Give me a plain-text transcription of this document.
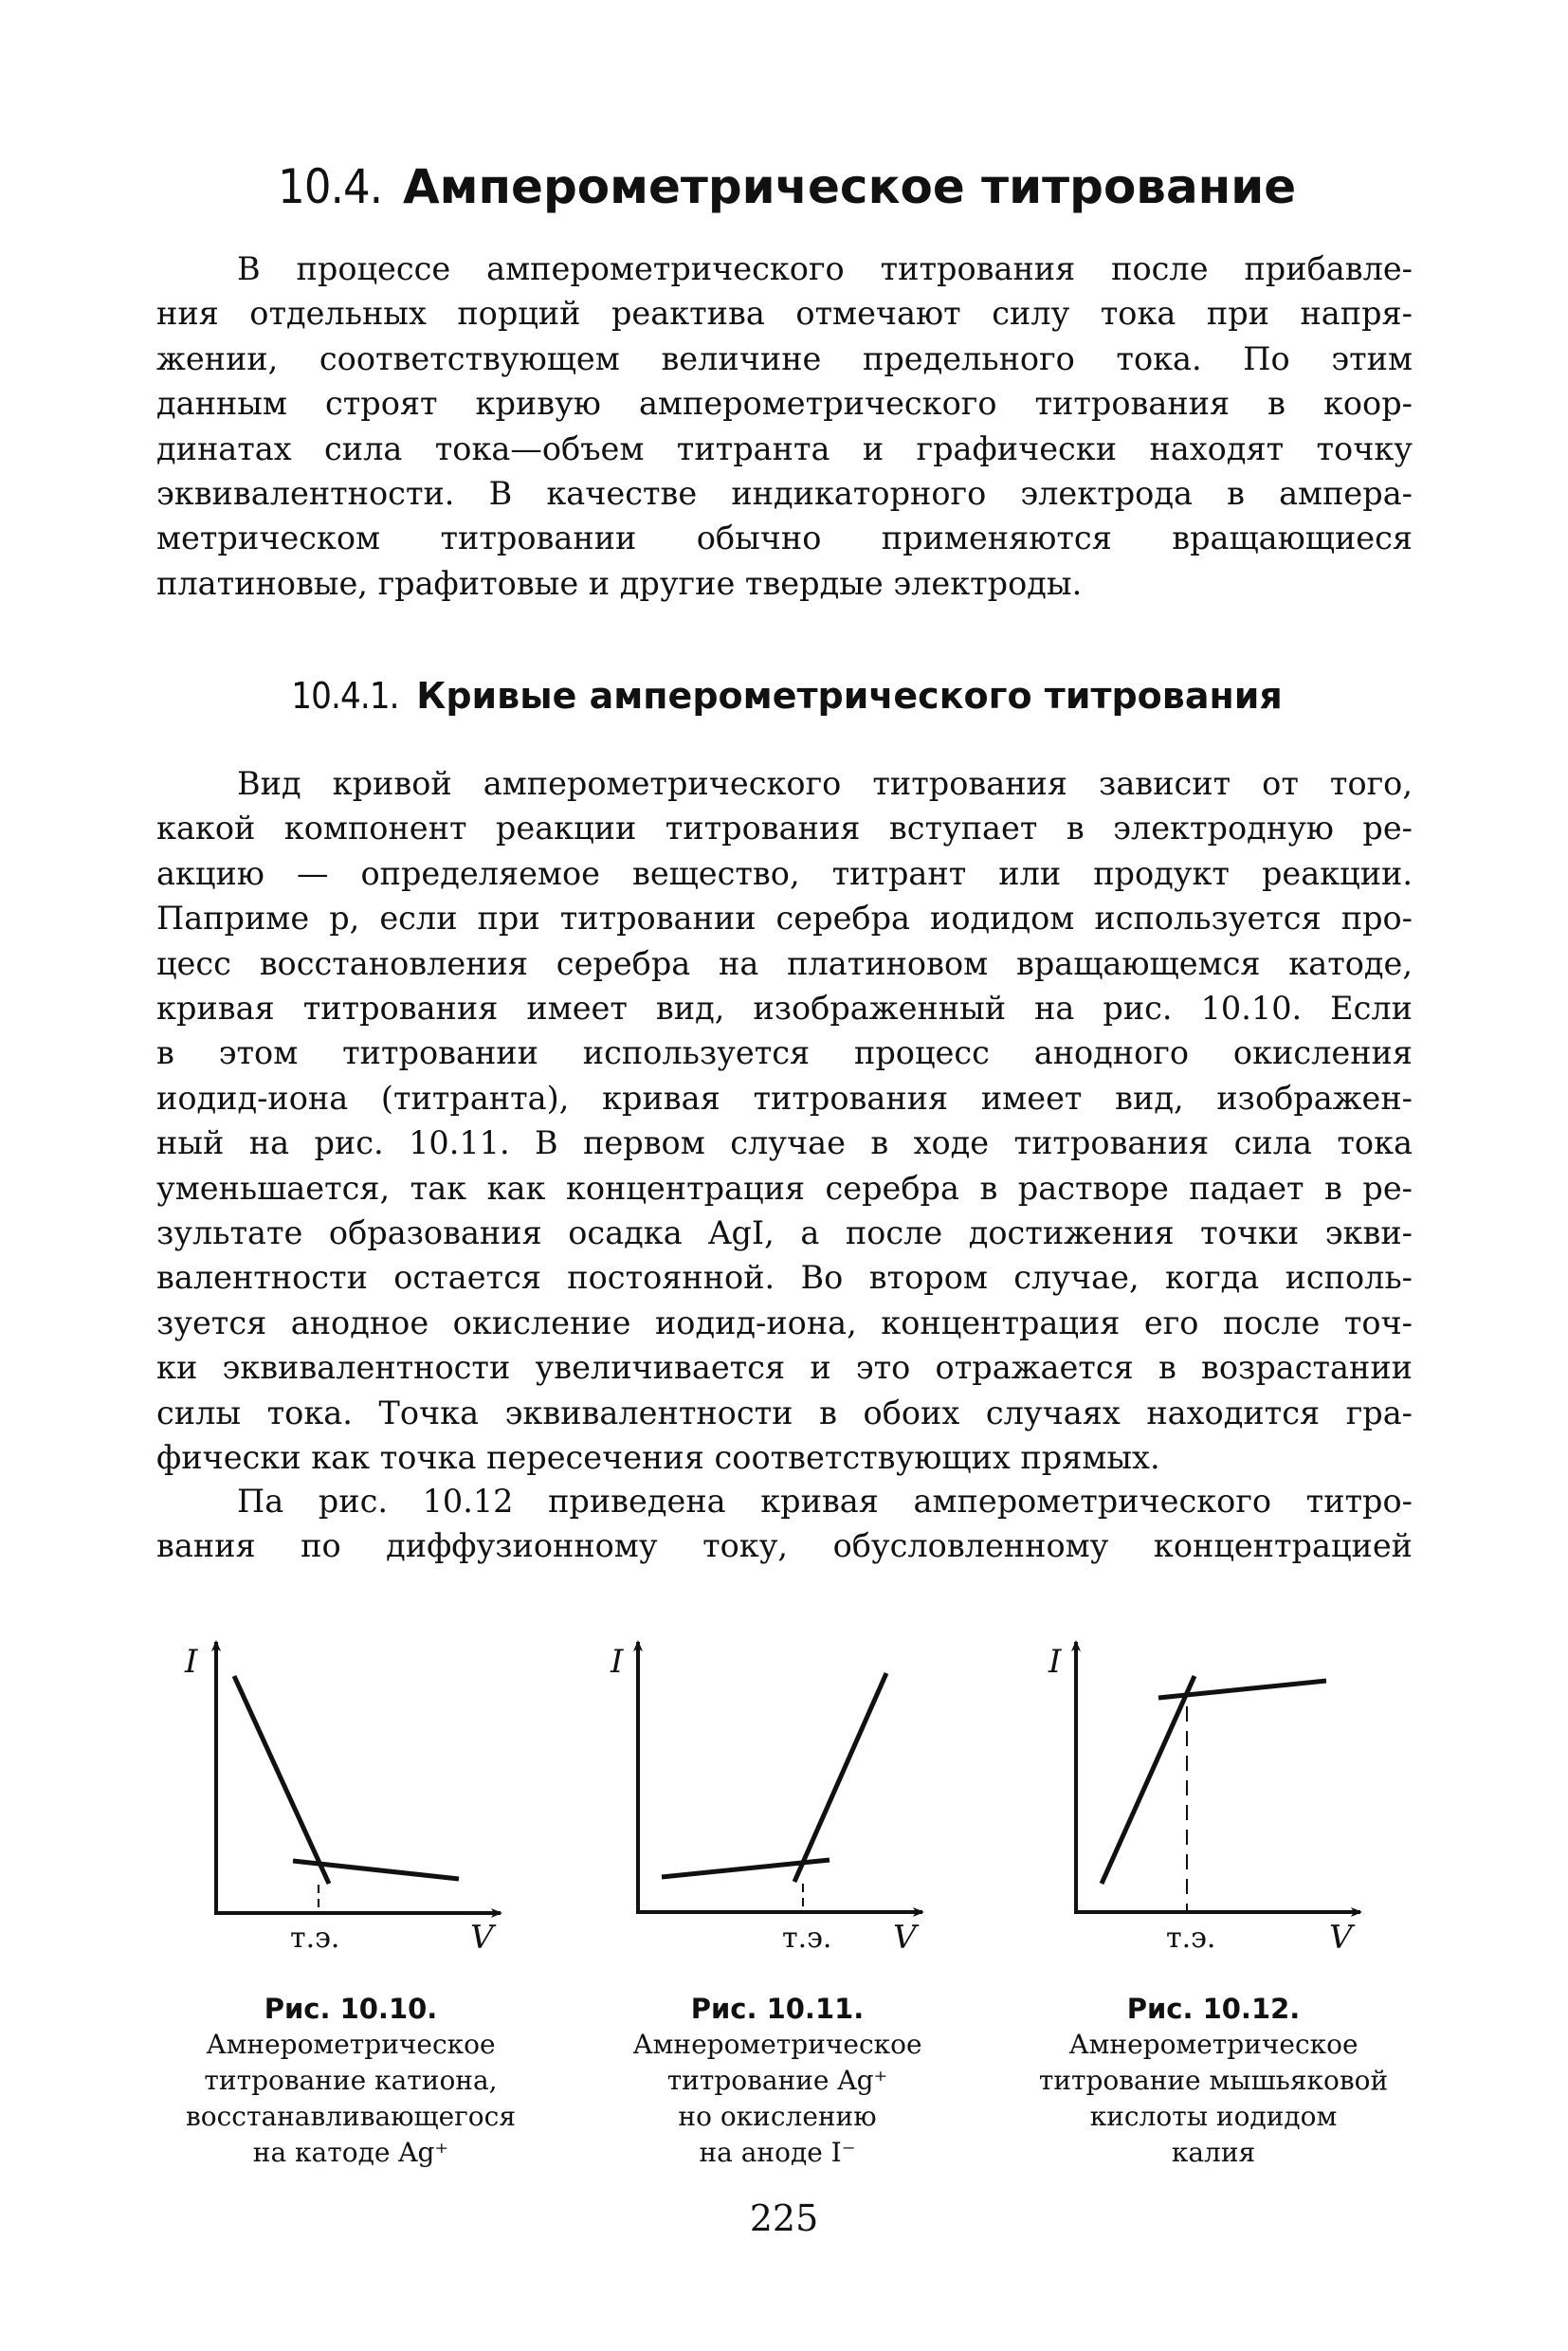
10.4. Амперометрическое титрование
В процессе амперометрического титрования после прибавле-
ния отдельных порций реактива отмечают силу тока при напря-
жении, соответствующем величине предельного тока. По этим
данным строят кривую амперометрического титрования в коор-
динатах сила тока—объем титранта и графически находят точку
эквивалентности. В качестве индикаторного электрода в ампера-
метрическом титровании обычно применяются вращающиеся
платиновые, графитовые и другие твердые электроды.
10.4.1. Кривые амперометрического титрования
Вид кривой амперометрического титрования зависит от того,
какой компонент реакции титрования вступает в электродную ре-
акцию — определяемое вещество, титрант или продукт реакции.
Паприме р, если при титровании серебра иодидом используется про-
цесс восстановления серебра на платиновом вращающемся катоде,
кривая титрования имеет вид, изображенный на рис. 10.10. Если
в этом титровании используется процесс анодного окисления
иодид-иона (титранта), кривая титрования имеет вид, изображен-
ный на рис. 10.11. В первом случае в ходе титрования сила тока
уменьшается, так как концентрация серебра в растворе падает в ре-
зультате образования осадка AgI, а после достижения точки экви-
валентности остается постоянной. Во втором случае, когда исполь-
зуется анодное окисление иодид-иона, концентрация его после точ-
ки эквивалентности увеличивается и это отражается в возрастании
силы тока. Точка эквивалентности в обоих случаях находится гра-
фически как точка пересечения соответствующих прямых.
Па рис. 10.12 приведена кривая амперометрического титро-
вания по диффузионному току, обусловленному концентрацией
I
V
т.э.
I
V
т.э.
I
V
т.э.
Рис. 10.10.
Амнерометрическое
титрование катиона,
восстанавливающегося
на катоде Ag⁺
Рис. 10.11.
Амнерометрическое
титрование Ag⁺
но окислению
на аноде I⁻
Рис. 10.12.
Амнерометрическое
титрование мышьяковой
кислоты иодидом
калия
225
